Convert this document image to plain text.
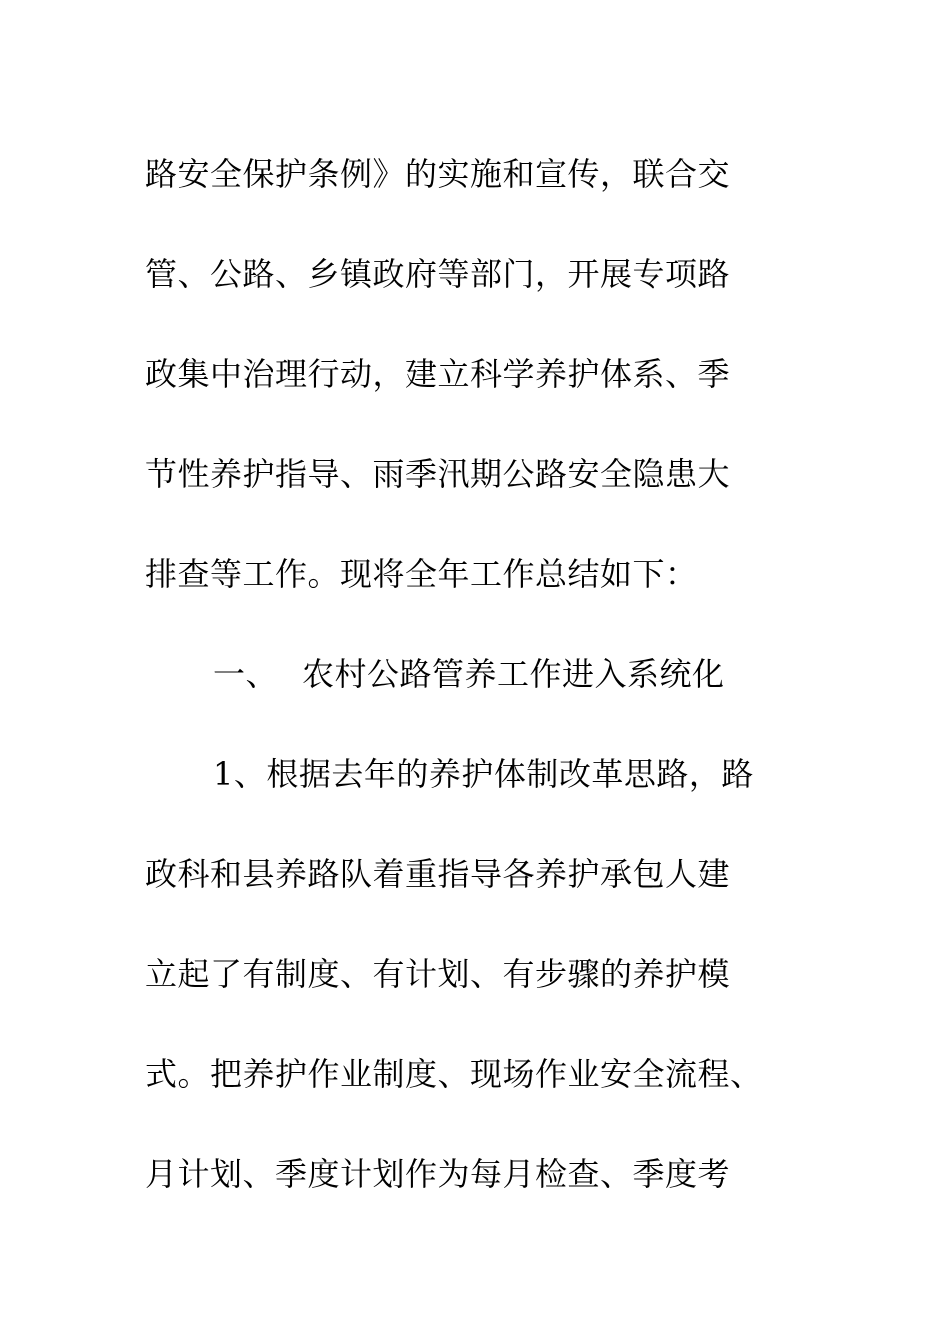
路安全保护条例》的实施和宣传，联合交
管、公路、乡镇政府等部门，开展专项路
政集中治理行动，建立科学养护体系、季
节性养护指导、雨季汛期公路安全隐患大
排查等工作。现将全年工作总结如下：
一、 农村公路管养工作进入系统化
1、根据去年的养护体制改革思路，路
政科和县养路队着重指导各养护承包人建
立起了有制度、有计划、有步骤的养护模
式。把养护作业制度、现场作业安全流程、
月计划、季度计划作为每月检查、季度考
